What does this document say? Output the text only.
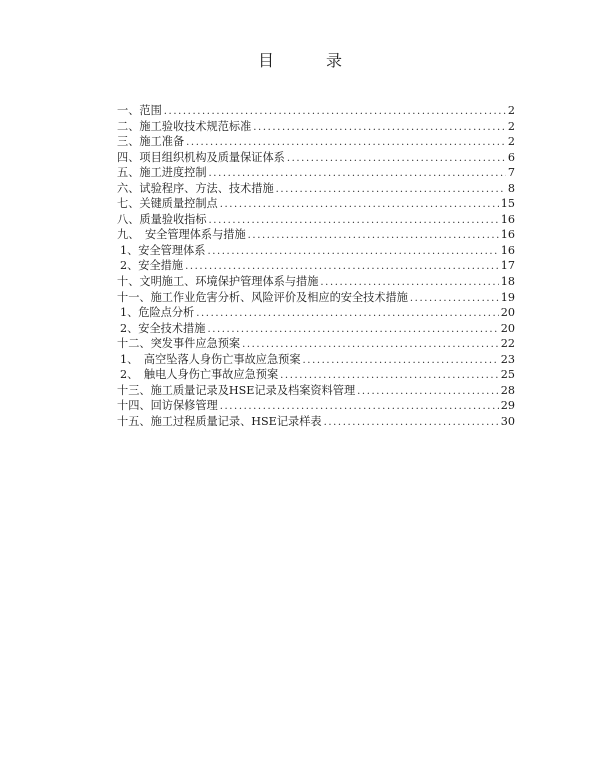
目　录
一、范围 .....	2
二、施工验收技术规范标准 .....	2
三、施工准备 .....	2
四、项目组织机构及质量保证体系 .....	6
五、施工进度控制 .....	7
六、试验程序、方法、技术措施 .....	8
七、关键质量控制点 .....	15
八、质量验收指标 .....	16
九、　安全管理体系与措施 .....	16
1、安全管理体系 .....	16
2、安全措施 .....	17
十、文明施工、环境保护管理体系与措施 .....	18
十一、施工作业危害分析、风险评价及相应的安全技术措施 .....	19
1、危险点分析 .....	20
2、安全技术措施 .....	20
十二、突发事件应急预案 .....	22
1、　高空坠落人身伤亡事故应急预案 .....	23
2、　触电人身伤亡事故应急预案 .....	25
十三、施工质量记录及HSE记录及档案资料管理 .....	28
十四、回访保修管理 .....	29
十五、施工过程质量记录、HSE记录样表 .....	30
